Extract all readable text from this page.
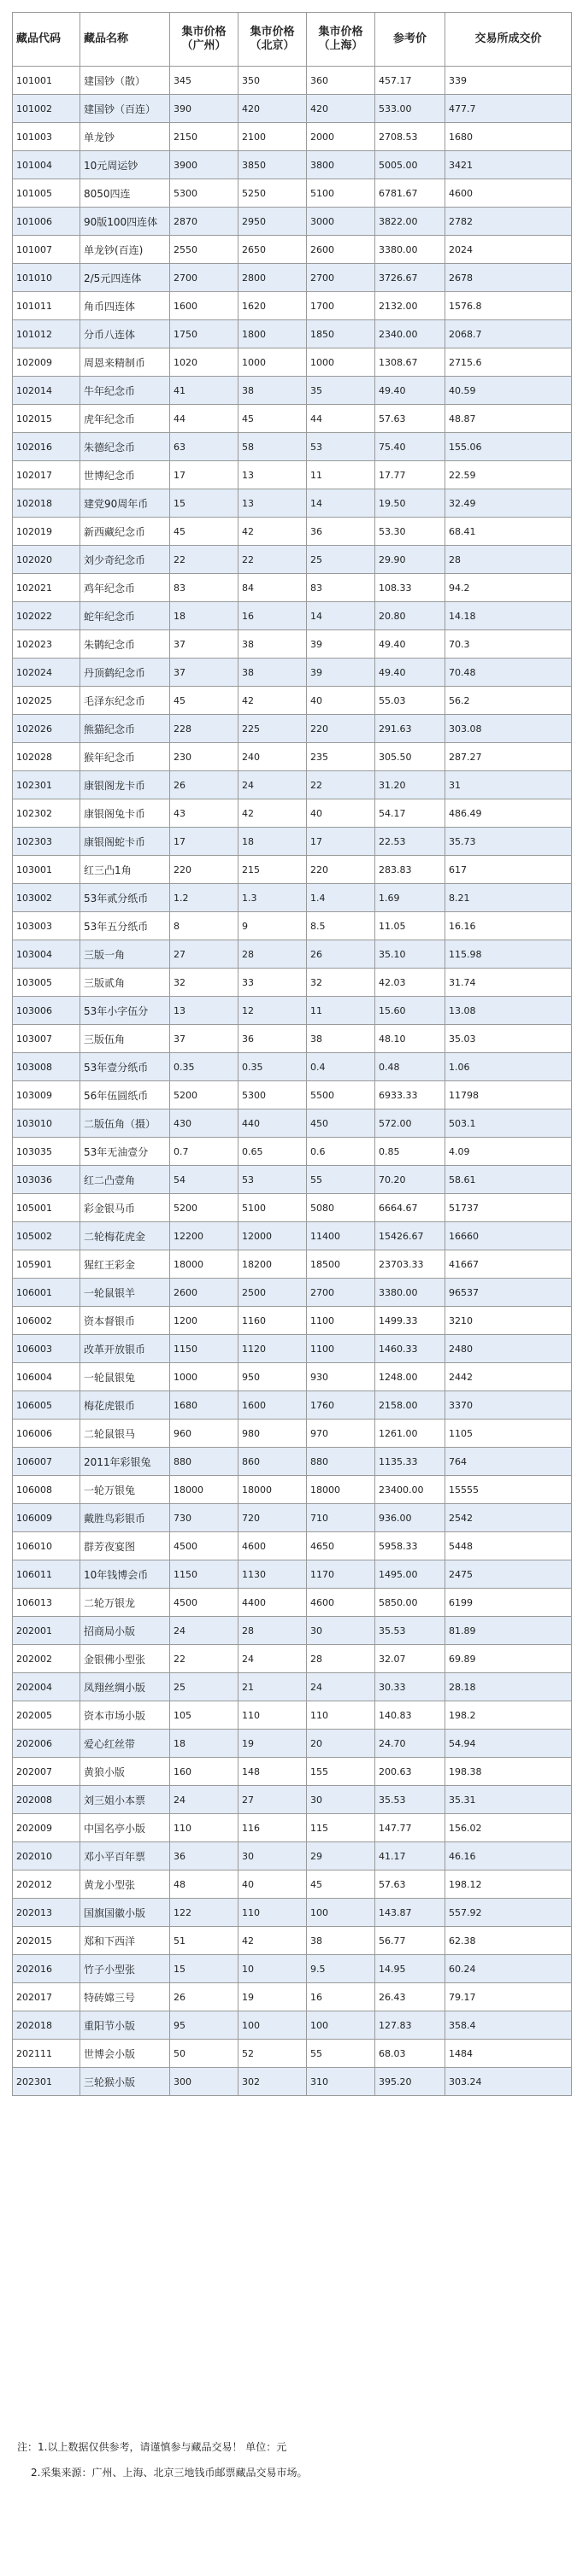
藏品代码	藏品名称	集市价格（广州）	集市价格（北京）	集市价格（上海）	参考价	交易所成交价
101001	建国钞（散）	345	350	360	457.17	339
101002	建国钞（百连）	390	420	420	533.00	477.7
101003	单龙钞	2150	2100	2000	2708.53	1680
101004	10元周运钞	3900	3850	3800	5005.00	3421
101005	8050四连	5300	5250	5100	6781.67	4600
101006	90版100四连体	2870	2950	3000	3822.00	2782
101007	单龙钞(百连)	2550	2650	2600	3380.00	2024
101010	2/5元四连体	2700	2800	2700	3726.67	2678
101011	角币四连体	1600	1620	1700	2132.00	1576.8
101012	分币八连体	1750	1800	1850	2340.00	2068.7
102009	周恩来精制币	1020	1000	1000	1308.67	2715.6
102014	牛年纪念币	41	38	35	49.40	40.59
102015	虎年纪念币	44	45	44	57.63	48.87
102016	朱德纪念币	63	58	53	75.40	155.06
102017	世博纪念币	17	13	11	17.77	22.59
102018	建党90周年币	15	13	14	19.50	32.49
102019	新西藏纪念币	45	42	36	53.30	68.41
102020	刘少奇纪念币	22	22	25	29.90	28
102021	鸡年纪念币	83	84	83	108.33	94.2
102022	蛇年纪念币	18	16	14	20.80	14.18
102023	朱鹮纪念币	37	38	39	49.40	70.3
102024	丹顶鹤纪念币	37	38	39	49.40	70.48
102025	毛泽东纪念币	45	42	40	55.03	56.2
102026	熊猫纪念币	228	225	220	291.63	303.08
102028	猴年纪念币	230	240	235	305.50	287.27
102301	康银阁龙卡币	26	24	22	31.20	31
102302	康银阁兔卡币	43	42	40	54.17	486.49
102303	康银阁蛇卡币	17	18	17	22.53	35.73
103001	红三凸1角	220	215	220	283.83	617
103002	53年贰分纸币	1.2	1.3	1.4	1.69	8.21
103003	53年五分纸币	8	9	8.5	11.05	16.16
103004	三版一角	27	28	26	35.10	115.98
103005	三版贰角	32	33	32	42.03	31.74
103006	53年小字伍分	13	12	11	15.60	13.08
103007	三版伍角	37	36	38	48.10	35.03
103008	53年壹分纸币	0.35	0.35	0.4	0.48	1.06
103009	56年伍圆纸币	5200	5300	5500	6933.33	11798
103010	二版伍角（摄）	430	440	450	572.00	503.1
103035	53年无油壹分	0.7	0.65	0.6	0.85	4.09
103036	红二凸壹角	54	53	55	70.20	58.61
105001	彩金银马币	5200	5100	5080	6664.67	51737
105002	二轮梅花虎金	12200	12000	11400	15426.67	16660
105901	猩红王彩金	18000	18200	18500	23703.33	41667
106001	一轮鼠银羊	2600	2500	2700	3380.00	96537
106002	资本督银币	1200	1160	1100	1499.33	3210
106003	改革开放银币	1150	1120	1100	1460.33	2480
106004	一轮鼠银兔	1000	950	930	1248.00	2442
106005	梅花虎银币	1680	1600	1760	2158.00	3370
106006	二轮鼠银马	960	980	970	1261.00	1105
106007	2011年彩银兔	880	860	880	1135.33	764
106008	一轮万银兔	18000	18000	18000	23400.00	15555
106009	戴胜鸟彩银币	730	720	710	936.00	2542
106010	群芳夜宴图	4500	4600	4650	5958.33	5448
106011	10年钱博会币	1150	1130	1170	1495.00	2475
106013	二轮万银龙	4500	4400	4600	5850.00	6199
202001	招商局小版	24	28	30	35.53	81.89
202002	金银佛小型张	22	24	28	32.07	69.89
202004	凤翔丝绸小版	25	21	24	30.33	28.18
202005	资本市场小版	105	110	110	140.83	198.2
202006	爱心红丝带	18	19	20	24.70	54.94
202007	黄狼小版	160	148	155	200.63	198.38
202008	刘三姐小本票	24	27	30	35.53	35.31
202009	中国名亭小版	110	116	115	147.77	156.02
202010	邓小平百年票	36	30	29	41.17	46.16
202012	黄龙小型张	48	40	45	57.63	198.12
202013	国旗国徽小版	122	110	100	143.87	557.92
202015	郑和下西洋	51	42	38	56.77	62.38
202016	竹子小型张	15	10	9.5	14.95	60.24
202017	特砖嫦三号	26	19	16	26.43	79.17
202018	重阳节小版	95	100	100	127.83	358.4
202111	世博会小版	50	52	55	68.03	1484
202301	三轮猴小版	300	302	310	395.20	303.24
注：1.以上数据仅供参考，请谨慎参与藏品交易！ 单位：元
2.采集来源：广州、上海、北京三地钱币邮票藏品交易市场。
